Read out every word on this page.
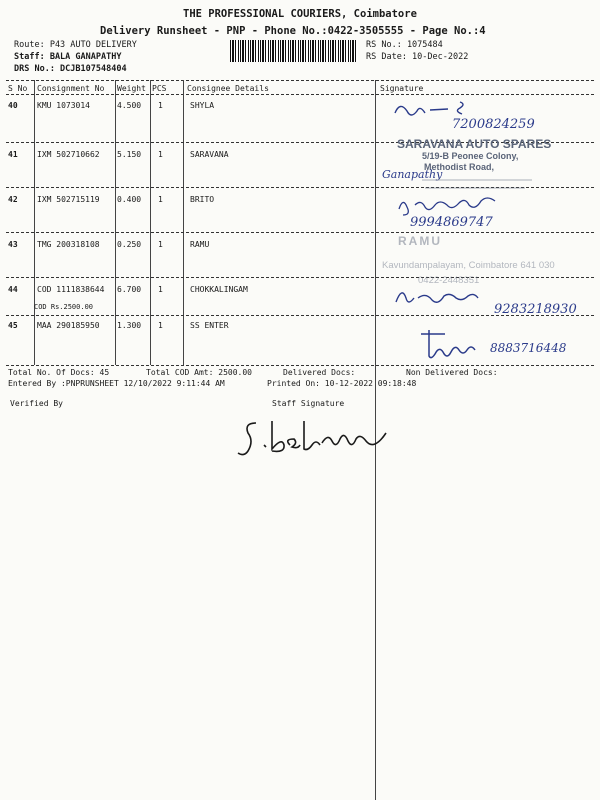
THE PROFESSIONAL COURIERS, Coimbatore
Delivery Runsheet - PNP - Phone No.:0422-3505555 - Page No.:4
Route: P43 AUTO DELIVERY
Staff: BALA GANAPATHY
DRS No.: DCJB107548404
RS No.: 1075484
RS Date: 10-Dec-2022
S No Consignment No Weight PCS	Consignee Details	Signature
40 KMU 1073014	4.500 1	SHYLA
41 IXM 502710662 5.150 1	SARAVANA
42 IXM 502715119 0.400 1	BRITO
43 TMG 200318108 0.250 1	RAMU
44 COD 1111838644 6.700 1	CHOKKALINGAM
COD Rs.2500.00
45 MAA 290185950 1.300 1	SS ENTER
7200824259
SARAVANA AUTO SPARES
5/19-B Peonee Colony,
Methodist Road,
Ganapathy
9994869747
RAMU
Kavundampalayam, Coimbatore 641 030
0422-2448351
9283218930
8883716448
Total No. Of Docs: 45	Total COD Amt: 2500.00	Delivered Docs:	Non Delivered Docs:
Entered By :PNPRUNSHEET 12/10/2022 9:11:44 AM	Printed On: 10-12-2022 09:18:48
Verified By	Staff Signature
